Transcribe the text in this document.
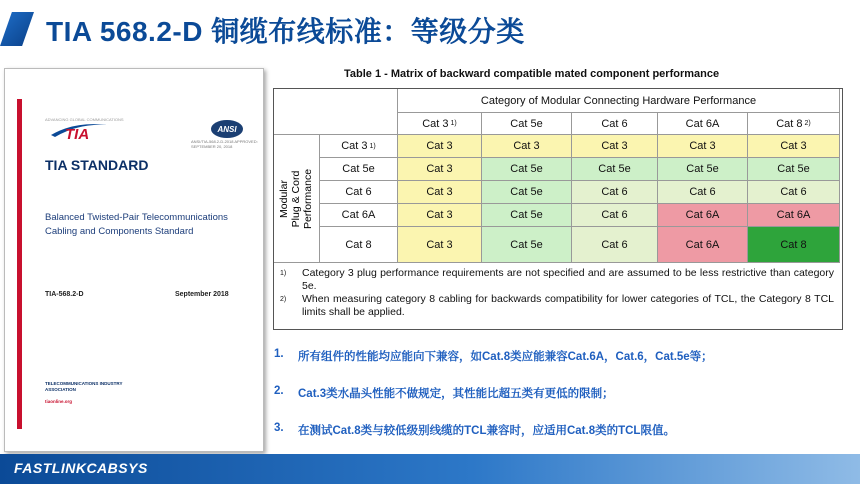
TIA 568.2-D 铜缆布线标准：等级分类
ADVANCING GLOBAL COMMUNICATIONS
TIA	ANSI
ANSI/TIA-568.2-D-2018 APPROVED: SEPTEMBER 20, 2018
TIA STANDARD
Balanced Twisted-Pair Telecommunications Cabling and Components Standard
TIA-568.2-D	September 2018
TELECOMMUNICATIONS INDUSTRY ASSOCIATION
tiaonline.org
Table 1 - Matrix of backward compatible mated component performance
Category of Modular Connecting Hardware Performance
Modular Plug & Cord Performance
1)	Category 3 plug performance requirements are not specified and are assumed to be less restrictive than category 5e.
2)	When measuring category 8 cabling for backwards compatibility for lower categories of TCL, the Category 8 TCL limits shall be applied.
Cat 3 1)	Cat 5e	Cat 6	Cat 6A	Cat 8 2)
Cat 3 1)	Cat 3	Cat 3	Cat 3	Cat 3	Cat 3
Cat 5e	Cat 3	Cat 5e	Cat 5e	Cat 5e	Cat 5e
Cat 6	Cat 3	Cat 5e	Cat 6	Cat 6	Cat 6
Cat 6A	Cat 3	Cat 5e	Cat 6	Cat 6A	Cat 6A
Cat 8	Cat 3	Cat 5e	Cat 6	Cat 6A	Cat 8
1.	所有组件的性能均应能向下兼容，如Cat.8类应能兼容Cat.6A，Cat.6，Cat.5e等；
2.	Cat.3类水晶头性能不做规定，其性能比超五类有更低的限制；
3.	在测试Cat.8类与较低级别线缆的TCL兼容时，应适用Cat.8类的TCL限值。
FASTLINKCABSYS
